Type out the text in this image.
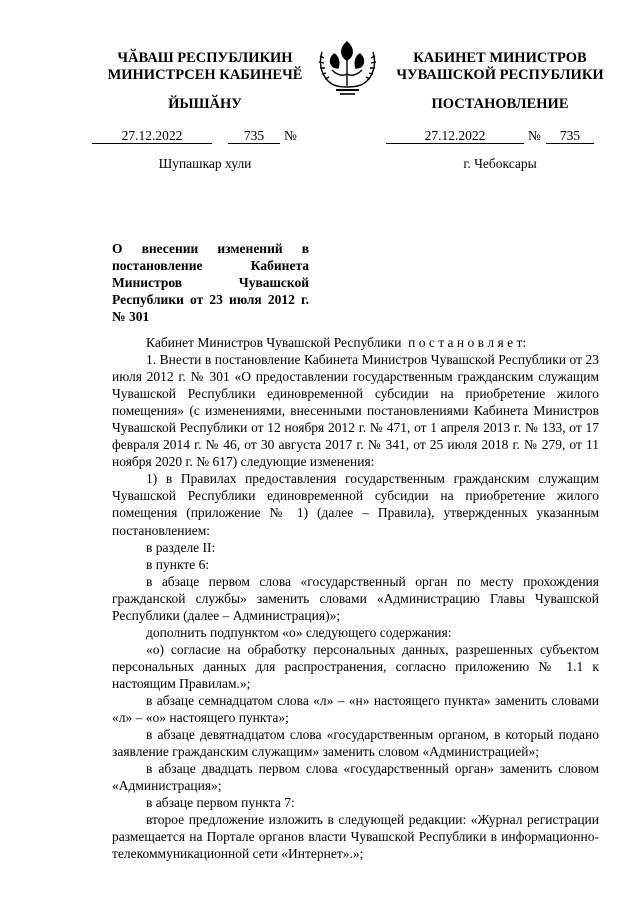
ЧӐВАШ РЕСПУБЛИКИН
МИНИСТРСЕН КАБИНЕЧӖ
ЙЫШӐНУ
КАБИНЕТ МИНИСТРОВ
ЧУВАШСКОЙ РЕСПУБЛИКИ
ПОСТАНОВЛЕНИЕ
27.12.2022	735	№	27.12.2022	№	735
Шупашкар хули	г. Чебоксары
О внесении изменений в постановление Кабинета Министров Чувашской Республики от 23 июля 2012 г. № 301

Кабинет Министров Чувашской Республики  п о с т а н о в л я е т:

1. Внести в постановление Кабинета Министров Чувашской Республики от 23 июля 2012 г. № 301 «О предоставлении государственным гражданским служащим Чувашской Республики единовременной субсидии на приобретение жилого помещения» (с изменениями, внесенными постановлениями Кабинета Министров Чувашской Республики от 12 ноября 2012 г. № 471, от 1 апреля 2013 г. № 133, от 17 февраля 2014 г. № 46, от 30 августа 2017 г. № 341, от 25 июля 2018 г. № 279, от 11 ноября 2020 г. № 617) следующие изменения:

1) в Правилах предоставления государственным гражданским служащим Чувашской Республики единовременной субсидии на приобретение жилого помещения (приложение № 1) (далее – Правила), утвержденных указанным постановлением:

в разделе II:

в пункте 6:

в абзаце первом слова «государственный орган по месту прохождения гражданской службы» заменить словами «Администрацию Главы Чувашской Республики (далее – Администрация)»;

дополнить подпунктом «о» следующего содержания:

«о) согласие на обработку персональных данных, разрешенных субъектом персональных данных для распространения, согласно приложению № 1.1 к настоящим Правилам.»;

в абзаце семнадцатом слова «л» – «н» настоящего пункта» заменить словами «л» – «о» настоящего пункта»;

в абзаце девятнадцатом слова «государственным органом, в который подано заявление гражданским служащим» заменить словом «Администрацией»;

в абзаце двадцать первом слова «государственный орган» заменить словом «Администрация»;

в абзаце первом пункта 7:

второе предложение изложить в следующей редакции: «Журнал регистрации размещается на Портале органов власти Чувашской Республики в информационно-телекоммуникационной сети «Интернет».»;
